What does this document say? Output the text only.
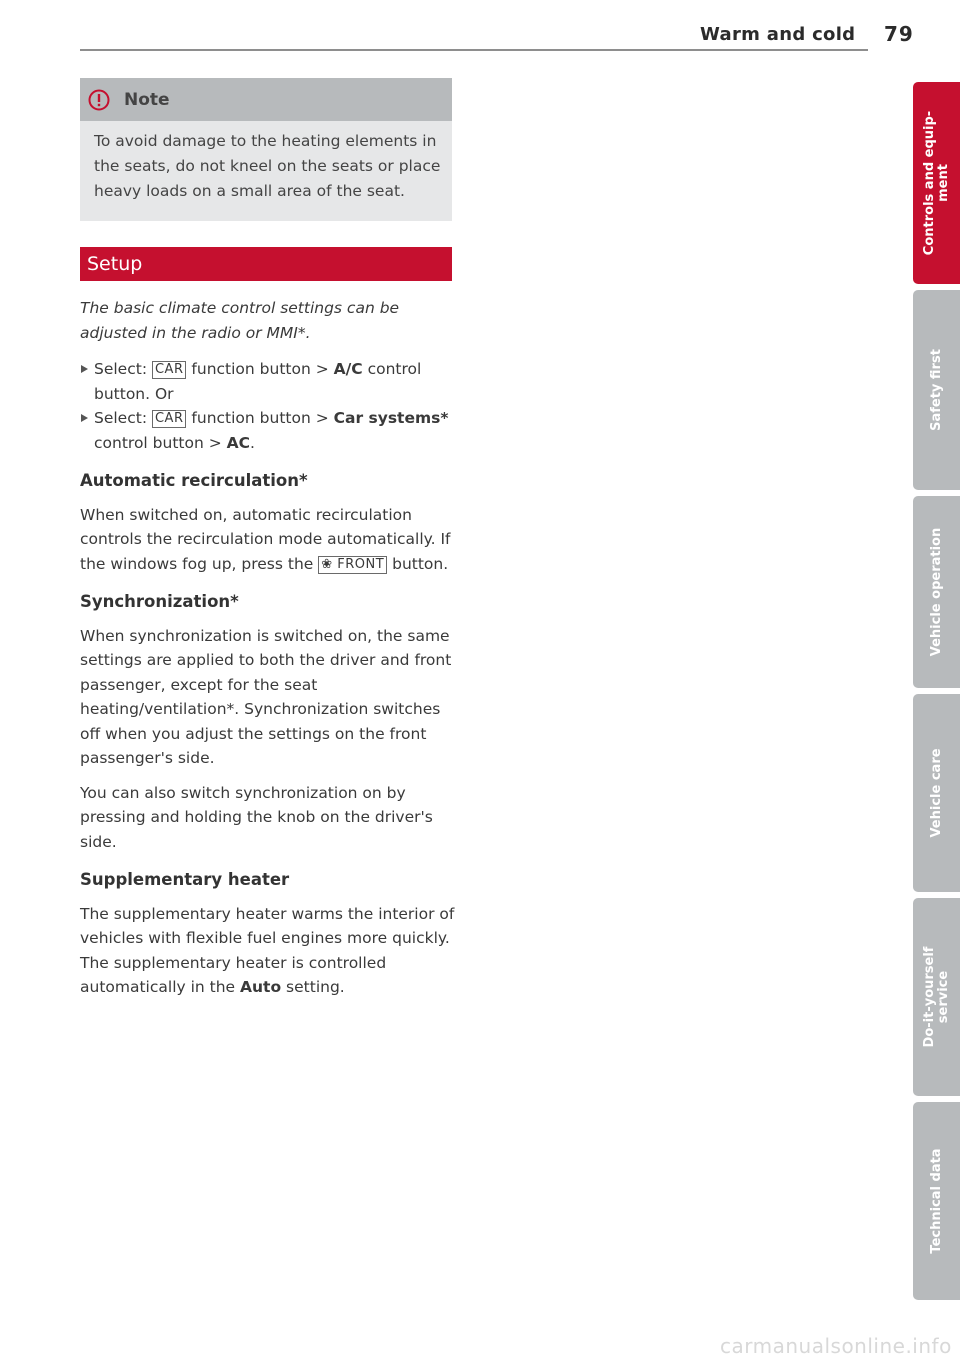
Warm and cold 79
Note
To avoid damage to the heating elements in the seats, do not kneel on the seats or place heavy loads on a small area of the seat.
Setup

The basic climate control settings can be adjusted in the radio or MMI*.

Select: CAR function button > A/C control button. Or

Select: CAR function button > Car systems* control button > AC.

Automatic recirculation*

When switched on, automatic recirculation controls the recirculation mode automatically. If the windows fog up, press the ❀ FRONT button.

Synchronization*

When synchronization is switched on, the same settings are applied to both the driver and front passenger, except for the seat heating/ventilation*. Synchronization switches off when you adjust the settings on the front passenger's side.

You can also switch synchronization on by pressing and holding the knob on the driver's side.

Supplementary heater

The supplementary heater warms the interior of vehicles with flexible fuel engines more quickly. The supplementary heater is controlled automatically in the Auto setting.

Controls and equip-
ment
Safety first
Vehicle operation
Vehicle care
Do-it-yourself
service
Technical data
carmanualsonline.info
